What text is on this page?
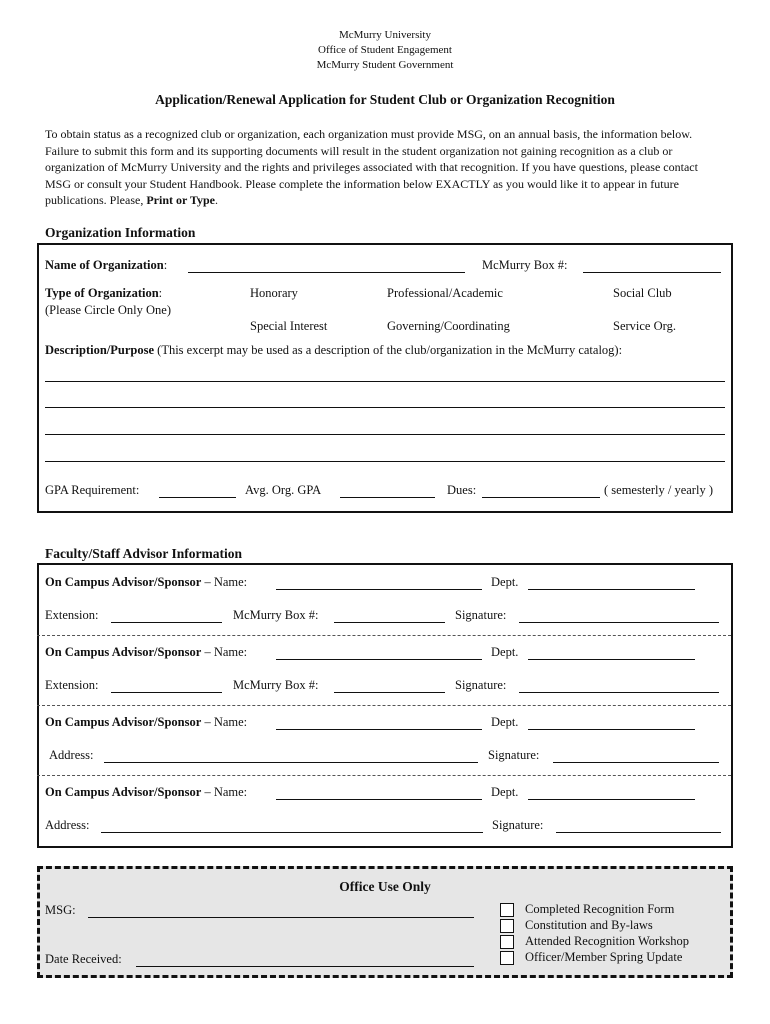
McMurry University
Office of Student Engagement
McMurry Student Government
Application/Renewal Application for Student Club or Organization Recognition
To obtain status as a recognized club or organization, each organization must provide MSG, on an annual basis, the information below. Failure to submit this form and its supporting documents will result in the student organization not gaining recognition as a club or organization of McMurry University and the rights and privileges associated with that recognition. If you have questions, please contact MSG or consult your Student Handbook. Please complete the information below EXACTLY as you would like it to appear in future publications. Please, Print or Type.
Organization Information
Name of Organization:	McMurry Box #:
Type of Organization:
(Please Circle Only One)
Honorary	Professional/Academic	Social Club
Special Interest	Governing/Coordinating	Service Org.
Description/Purpose (This excerpt may be used as a description of the club/organization in the McMurry catalog):
GPA Requirement:	Avg. Org. GPA	Dues:	( semesterly / yearly )
Faculty/Staff Advisor Information
On Campus Advisor/Sponsor – Name:	Dept.
Extension:	McMurry Box #:	Signature:
On Campus Advisor/Sponsor – Name:	Dept.
Extension:	McMurry Box #:	Signature:
On Campus Advisor/Sponsor – Name:	Dept.
Address:	Signature:
On Campus Advisor/Sponsor – Name:	Dept.
Address:	Signature:
Office Use Only
MSG:
Date Received:
Completed Recognition Form
Constitution and By-laws
Attended Recognition Workshop
Officer/Member Spring Update
